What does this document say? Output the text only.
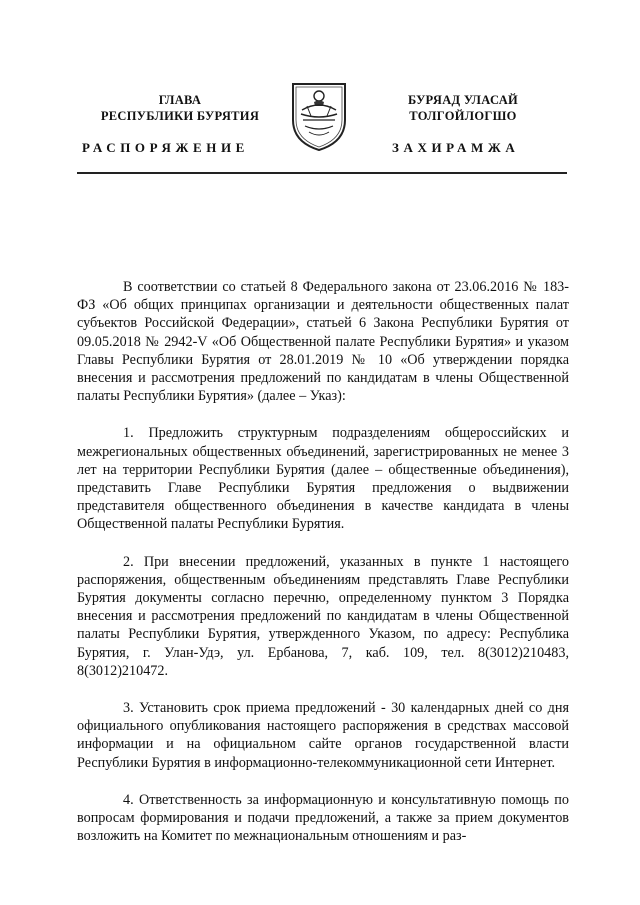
ГЛАВА
РЕСПУБЛИКИ БУРЯТИЯ
БУРЯАД УЛАСАЙ
ТОЛГОЙЛОГШО
РАСПОРЯЖЕНИЕ	ЗАХИРАМЖА

В соответствии со статьей 8 Федерального закона от 23.06.2016 № 183-ФЗ «Об общих принципах организации и деятельности общественных палат субъектов Российской Федерации», статьей 6 Закона Республики Бурятия от 09.05.2018 № 2942-V «Об Общественной палате Республики Бурятия» и указом Главы Республики Бурятия от 28.01.2019 № 10 «Об утверждении порядка внесения и рассмотрения предложений по кандидатам в члены Общественной палаты Республики Бурятия» (далее – Указ):

1. Предложить структурным подразделениям общероссийских и межрегиональных общественных объединений, зарегистрированных не менее 3 лет на территории Республики Бурятия (далее – общественные объединения), представить Главе Республики Бурятия предложения о выдвижении представителя общественного объединения в качестве кандидата в члены Общественной палаты Республики Бурятия.

2. При внесении предложений, указанных в пункте 1 настоящего распоряжения, общественным объединениям представлять Главе Республики Бурятия документы согласно перечню, определенному пунктом 3 Порядка внесения и рассмотрения предложений по кандидатам в члены Общественной палаты Республики Бурятия, утвержденного Указом, по адресу: Республика Бурятия, г. Улан-Удэ, ул. Ербанова, 7, каб. 109, тел. 8(3012)210483, 8(3012)210472.

3. Установить срок приема предложений - 30 календарных дней со дня официального опубликования настоящего распоряжения в средствах массовой информации и на официальном сайте органов государственной власти Республики Бурятия в информационно-телекоммуникационной сети Интернет.

4. Ответственность за информационную и консультативную помощь по вопросам формирования и подачи предложений, а также за прием документов возложить на Комитет по межнациональным отношениям и раз-
